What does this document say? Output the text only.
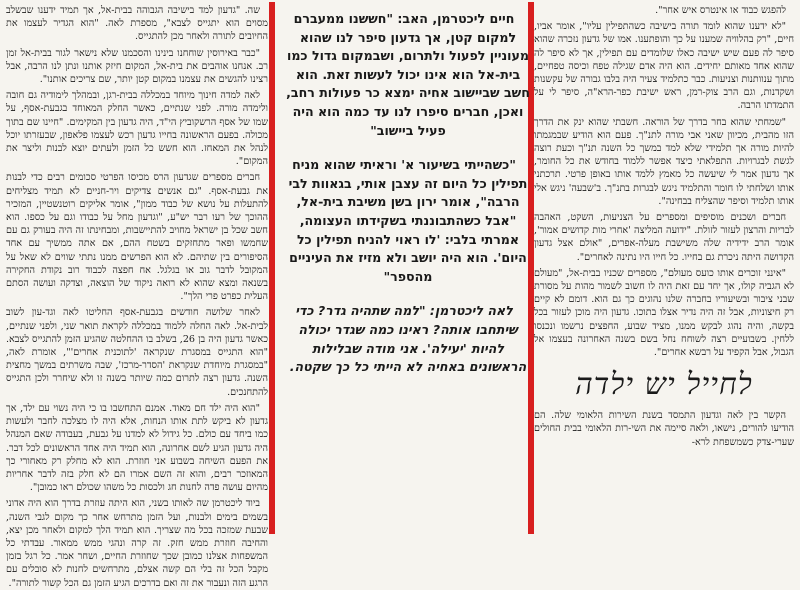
להפגש כבוד או אינטרס איש אחר".

"לא ידענו שהוא לומד תורה בישיבה כשהתפילין עליו", אומר אביו, חיים, "רק בהלוויה שמענו על כך והופתענו. אמו של גדעון נזכרה שהוא סיפר לה פעם שיש ישיבה כאלו שלומדים עם תפילין, אך לא סיפר לה שהוא אחד מאותם יחידים. הוא היה אדם שגילה טפח וכיסה טפחיים, מתוך ענוותנות וצניעות. כבר כתלמיד צעיר היה בלבו גבורה של עקשנות ושקדנות, וגם הרב צוק-רמן, ראש ישיבת כפר-הרא"ה, סיפר לי על התמדתו הרבה.

"שמחתי שהוא בחר בדרך של הוראה. חשבתי שהוא ינק את הדרך הזו מהבית, מכיוון שאני אבי מורה לתנ"ך. פעם הוא הודיע שבמגמתו להיות מורה אך תלמידי שלא למד במשך כל השנה תנ"ך וכעת רוצה לגשת לבגרויות. התפלאתי כיצד אפשר ללמוד בחודש את כל החומר, אך גדעון אמר לי שיעשה כל מאמץ ללמד אותו באופן פרטי. תרכתני אותו ושלחתי לו חומר והתלמיד ניגש לבגרות בתנ"ך. ב'שבעה' ניגש אלי אותו תלמיד וסיפר שהצליח בבחינה".

חברים ושכנים מוסיפים ומספרים על הצניעות, השקט, האהבה לבריות והרצון לעזור לזולת. "ידועה המליצה 'אחרי מות קדושים אמור', אומר הרב ידידיה שלה משישבת מעלה-אפרים, "אולם אצל גדעון הקדושה היתה ניכרת גם בחייו. כל חייו היו נתינה לאחרים".

"אינני זוכרים אותו כועס מעולם", מספרים שכניו בבית-אל, "מעולם לא הגביה קולו, אך יחד עם זאת היה לו חשוב לשמור מהות על מסורת שבני ציבור ובשיעוריו בחברה שלנו נהוגים כך גם הוא. דומם לא קיים רק חיצוניות, אבל זה היה נדיר אצלו בתוכו. גדעון היה מוכן לעזור בכל בקשה, והיה נהוג לבקש ממנו, מציד שבוע, החפצים נרשמו ונכנסו ללחין. בשבועיים רצה לשוחח נחל בשם בשנה האחרונה בעצמו אל הגבול, אבל הקפיד על רבשא אחרים".

לחייל יש ילדה

הקשר בין לאה וגדעון התמסד בשנת השירות הלאומי שלה. הם הודיעו להורים, נישאו, ולאה סיימה את השי-רות הלאומי בבית החולים שערי-צדק כשמשפחת לרא-

חיים ליכטרמן, האב: "חששנו ממעברם למקום קטן, אך גדעון סיפר לנו שהוא מעוניין לפעול ולתרום, ושבמקום גדול כמו בית-אל הוא אינו יכול לעשות זאת. הוא חשב שביישוב אחיה ימצא כר פעולות רחב, ואכן, חברים סיפרו לנו עד כמה הוא היה פעיל ביישוב"

"כשהייתי בשיעור א' וראיתי שהוא מניח תפילין כל היום זה עצבן אותי, בגאוות לבי הרבה", אומר ירון בשן משיבת בית-אל, "אבל כשהתבוננתי בשקידתו העצומה, אמרתי בלבי: 'לו ראוי להניח תפילין כל היום'. הוא היה יושב ולא מזיז את העיניים מהספר"

לאה ליכטרמן: "למה שתהיה גדר? כדי שיתחבו אותה? ראינו כמה שגדר יכולה להיות 'יעילה'. אני מודה שבלילות הראשונים באחיה לא הייתי כל כך שקטה.

שה. "גדעון למד בישיבה הגבוהה בבית-אל, אך תמיד ידענו שבשלב מסוים הוא יתגייס לצבא", מספרת לאה. "הוא הגדיר לעצמו את החיובים לתורה ולאחר מכן להתגייס.

"כבר באירוסין שוחחנו בינינו והסכמנו שלא נישאר לגור בבית-אל זמן רב. אנחנו אוהבים את בית-אל, המקום חיזק אותנו ונתן לנו הרבה, אבל רצינו להגשים את עצמנו במקום קטן יותר, שם צריכים אותנו".

לאה למדה חינוך מיוחד במכללה בבית-רגן, ובמהלך לימודיה גם חובה ולימדה מורה. לפני שנתיים, כאשר החלק המאוחד בגבעת-אסף, על שמו של אסף הרשקוביץ הי"ד, היה גדעון בין המקימים. "חיינו שם בתוך מכולה. בפעם הראשונה בחייו גדעון רכש לעצמו פלאפון, שבעזרתו יוכל לנהל את המאחז. הוא חשש כל הזמן ולעתים יוצא לבנות וליצר את המקום".

חברים מספרים שגדעון הרס מכיסו הפרטי סכומים רבים כדי לבנות את גבעת-אסף. "גם אנשים צדיקים ויר-חניים לא תמיד מצליחים להתעלות על נושא של כבוד ממון", אומר אליקים רוטנשטיין, המזכיר ההוכך של רעו רבר יש"ע, "וגדעון מחל על כבודו וגם על כספו. הוא חשב שכל בן ישראל מחויב להתיישבות, ומבחינתו זה היה בעורק גם עם שחמשו ופאר מתחזקים בשטח ההם, אם אתה ממשיך עם אחד הסיפורים בין שתיהם. לא הוא הפרשים ממנו נתתי שווים לא שאל על המקובל לדבר גוב או בגלגל. אח חפצה לכבוד רוב נקודת החקירה בשנאה ומצא שהוא לא רואה ניקוד של הוצאה, וצדקה ועושה הסתם העלית כפרט פרי הלך".

לאחר שלושה חודשים בגבעת-אסף החליטו לאה וגד-עון לשוב לבית-אל. לאה החלה ללמוד במכללה לקראת תואר שני, ולפני שנתיים, כאשר גדעון היה בן 26, בשלב בו ההחלטה שהגיע הזמן להתגייס לצבא. "הוא התגייס במסגרת שנקראה 'לתוכנית אחרים'", אומרת לאה, "במסגרת מיוחדת שנקראת 'הסדר-מרכז', שבה משרתים במשך מחצית השנה. גדעון רצה לתרום כמה שיותר בשנה זו ולא שיחרר ולכן התגייס להתחנכים.

"הוא היה ילד חם מאוד. אמנם התחשבו בו כי היה נשוי עם ילד, אך גדעון לא ביקש לתת אותו הנחות, אלא היה לו מצלכה לחבר ולעשות כמו ביחד עם כולם. כל גידול לא למדנו על גבעת, בעבודה שאם המנהל היה גדעון הגיע לשם אחרונה, הוא תמיד היה אחד הראשונים לכל דבר. את הפעם השיחה בשבוע אני חוזרת. הוא לא מחלק רק מאחורי כך המאוזכר רבים, והוא זה השם אמרו הם לא חלק בזה לדבר אחריות מהיום עושה פדה לחנות חג ולכסות כל משהו שכולם ראו כמובן".

ביוד ליכטרמן שה לאותו בשני, הוא היתה עוזרת בדרך הוא היה אדוני בשמים בימים ולבנות, ועל הזמן מתרחש אחר כך מקום לגבי השנה, שבעת שמזכה בכל מה שצריך. הוא תמיד הלך למקום ולאחר מכן יצא, והחיבה חוזרת ממש חזק. זה קרה ונהגי ממש ממאור. עבדתי כל המשפחות אצלנו כמובן שכך שחוזרת החיים, ושחר אמר. כל רגל בזמן מקבל הכל זה בלי הם קשה אצלם, מתרחשים לחנות לא סובלים עם הרגע הזה ונעבור את זה ואם בדרכים הגיע הזמן גם הכל קשור לתורה".
